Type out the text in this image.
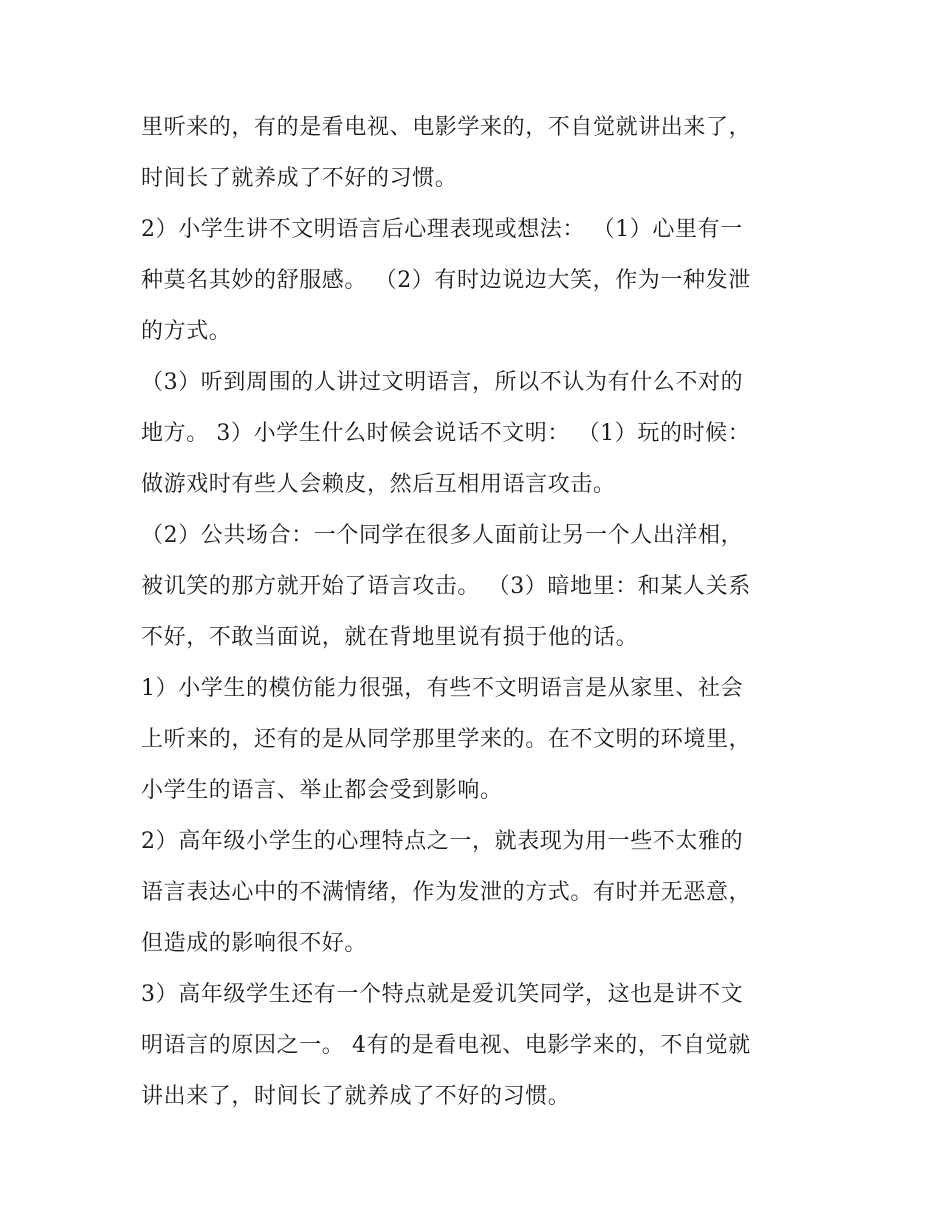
里听来的，有的是看电视、电影学来的，不自觉就讲出来了，
时间长了就养成了不好的习惯。
2）小学生讲不文明语言后心理表现或想法： （1）心里有一
种莫名其妙的舒服感。 （2）有时边说边大笑，作为一种发泄
的方式。
（3）听到周围的人讲过文明语言，所以不认为有什么不对的
地方。 3）小学生什么时候会说话不文明： （1）玩的时候：
做游戏时有些人会赖皮，然后互相用语言攻击。
（2）公共场合：一个同学在很多人面前让另一个人出洋相，
被讥笑的那方就开始了语言攻击。 （3）暗地里：和某人关系
不好，不敢当面说，就在背地里说有损于他的话。
1）小学生的模仿能力很强，有些不文明语言是从家里、社会
上听来的，还有的是从同学那里学来的。在不文明的环境里，
小学生的语言、举止都会受到影响。
2）高年级小学生的心理特点之一，就表现为用一些不太雅的
语言表达心中的不满情绪，作为发泄的方式。有时并无恶意，
但造成的影响很不好。
3）高年级学生还有一个特点就是爱讥笑同学，这也是讲不文
明语言的原因之一。 4有的是看电视、电影学来的，不自觉就
讲出来了，时间长了就养成了不好的习惯。
